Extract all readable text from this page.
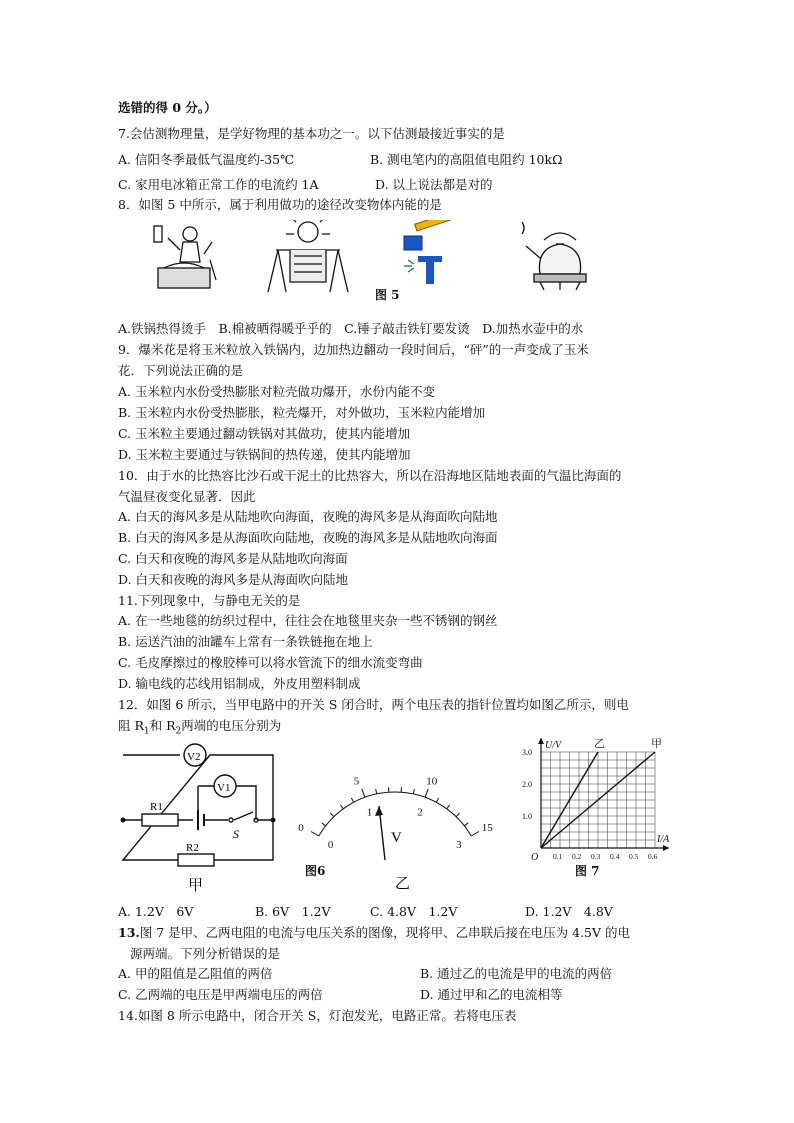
选错的得 0 分。）
7.会估测物理量，是学好物理的基本功之一。以下估测最接近事实的是
A. 信阳冬季最低气温度约-35℃	B. 测电笔内的高阻值电阻约 10kΩ
C. 家用电冰箱正常工作的电流约 1A	D. 以上说法都是对的
8．如图 5 中所示，属于利用做功的途径改变物体内能的是
图 5
A.铁锅热得烫手　B.棉被晒得暖乎乎的　C.锤子敲击铁钉要发烫　D.加热水壶中的水
9．爆米花是将玉米粒放入铁锅内，边加热边翻动一段时间后，“砰”的一声变成了玉米
花．下列说法正确的是
A. 玉米粒内水份受热膨胀对粒壳做功爆开，水份内能不变
B. 玉米粒内水份受热膨胀，粒壳爆开，对外做功，玉米粒内能增加
C. 玉米粒主要通过翻动铁锅对其做功，使其内能增加
D. 玉米粒主要通过与铁锅间的热传递，使其内能增加
10．由于水的比热容比沙石或干泥土的比热容大，所以在沿海地区陆地表面的气温比海面的
气温昼夜变化显著．因此
A. 白天的海风多是从陆地吹向海面，夜晚的海风多是从海面吹向陆地
B. 白天的海风多是从海面吹向陆地，夜晚的海风多是从陆地吹向海面
C. 白天和夜晚的海风多是从陆地吹向海面
D. 白天和夜晚的海风多是从海面吹向陆地
11.下列现象中，与静电无关的是
A. 在一些地毯的纺织过程中，往往会在地毯里夹杂一些不锈钢的钢丝
B. 运送汽油的油罐车上常有一条铁链拖在地上
C. 毛皮摩擦过的橡胶棒可以将水管流下的细水流变弯曲
D. 输电线的芯线用铝制成，外皮用塑料制成
12．如图 6 所示，当甲电路中的开关 S 闭合时，两个电压表的指针位置均如图乙所示，则电
阻 $R_1$和 $R_2$两端的电压分别为
V2
V1
R1
S
R2
甲
0
5	10
15
0
1	2
3
V
乙
图6
乙	甲
0.1 0.2 0.3 0.4 0.5 0.6
1.0
2.0
3.0
O
U/V
I/A
图 7
A. 1.2V　6V	B. 6V　1.2V	C. 4.8V　1.2V	D. 1.2V　4.8V
13.图 7 是甲、乙两电阻的电流与电压关系的图像，现将甲、乙串联后接在电压为 4.5V 的电
源两端。下列分析错误的是
A. 甲的阻值是乙阻值的两倍	B. 通过乙的电流是甲的电流的两倍
C. 乙两端的电压是甲两端电压的两倍	D. 通过甲和乙的电流相等
14.如图 8 所示电路中，闭合开关 S，灯泡发光，电路正常。若将电压表
